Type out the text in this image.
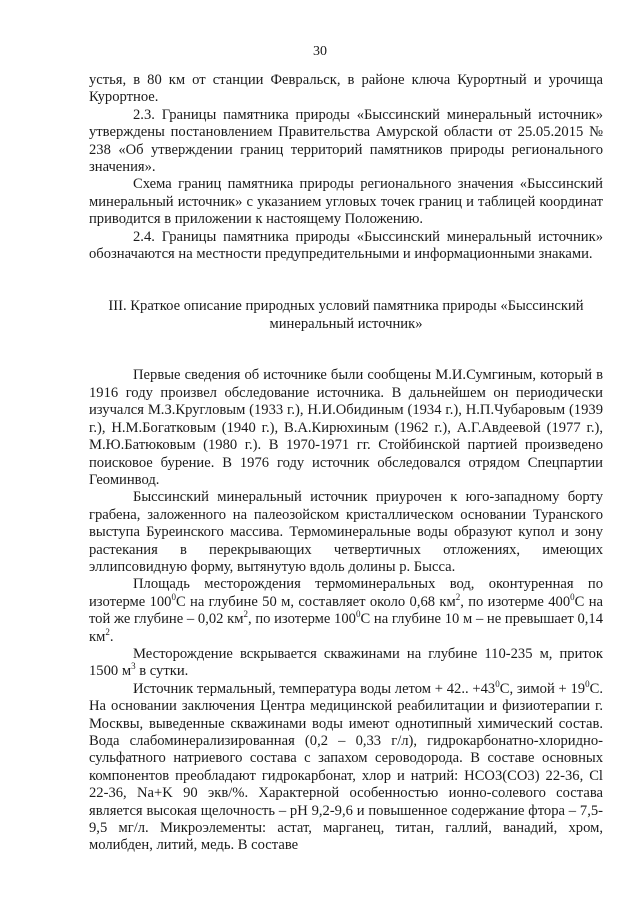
30

устья, в 80 км от станции Февральск, в районе ключа Курортный и урочища Курортное.

2.3. Границы памятника природы «Быссинский минеральный источник» утверждены постановлением Правительства Амурской области от 25.05.2015 № 238 «Об утверждении границ территорий памятников природы регионального значения».

Схема границ памятника природы регионального значения «Быссинский минеральный источник» с указанием угловых точек границ и таблицей координат приводится в приложении к настоящему Положению.

2.4. Границы памятника природы «Быссинский минеральный источник» обозначаются на местности предупредительными и информационными знаками.

III. Краткое описание природных условий памятника природы «Быссинский минеральный источник»

Первые сведения об источнике были сообщены М.И.Сумгиным, который в 1916 году произвел обследование источника. В дальнейшем он периодически изучался М.З.Кругловым (1933 г.), Н.И.Обидиным (1934 г.), Н.П.Чубаровым (1939 г.), Н.М.Богатковым (1940 г.), В.А.Кирюхиным (1962 г.), А.Г.Авдеевой (1977 г.), М.Ю.Батюковым (1980 г.). В 1970-1971 гг. Стойбинской партией произведено поисковое бурение. В 1976 году источник обследовался отрядом Спецпартии Геоминвод.

Быссинский минеральный источник приурочен к юго-западному борту грабена, заложенного на палеозойском кристаллическом основании Туранского выступа Буреинского массива. Термоминеральные воды образуют купол и зону растекания в перекрывающих четвертичных отложениях, имеющих эллипсовидную форму, вытянутую вдоль долины р. Бысса.

Площадь месторождения термоминеральных вод, оконтуренная по изотерме $100^0С$ на глубине 50 м, составляет около 0,68 $км^2$, по изотерме $400^0С$ на той же глубине – 0,02 $км^2$, по изотерме $100^0С$ на глубине 10 м – не превышает 0,14 $км^2$.

Месторождение вскрывается скважинами на глубине 110-235 м, приток 1500 $м^3$ в сутки.

Источник термальный, температура воды летом + 42.. $+43^0С$, зимой + $19^0С$. На основании заключения Центра медицинской реабилитации и физиотерапии г. Москвы, выведенные скважинами воды имеют однотипный химический состав. Вода слабоминерализированная (0,2 – 0,33 г/л), гидрокарбонатно-хлоридно-сульфатного натриевого состава с запахом сероводорода. В составе основных компонентов преобладают гидрокарбонат, хлор и натрий: НСО3(СО3) 22-36, Cl 22-36, Na+K 90 экв/%. Характерной особенностью ионно-солевого состава является высокая щелочность – рН 9,2-9,6 и повышенное содержание фтора – 7,5-9,5 мг/л. Микроэлементы: астат, марганец, титан, галлий, ванадий, хром, молибден, литий, медь. В составе
